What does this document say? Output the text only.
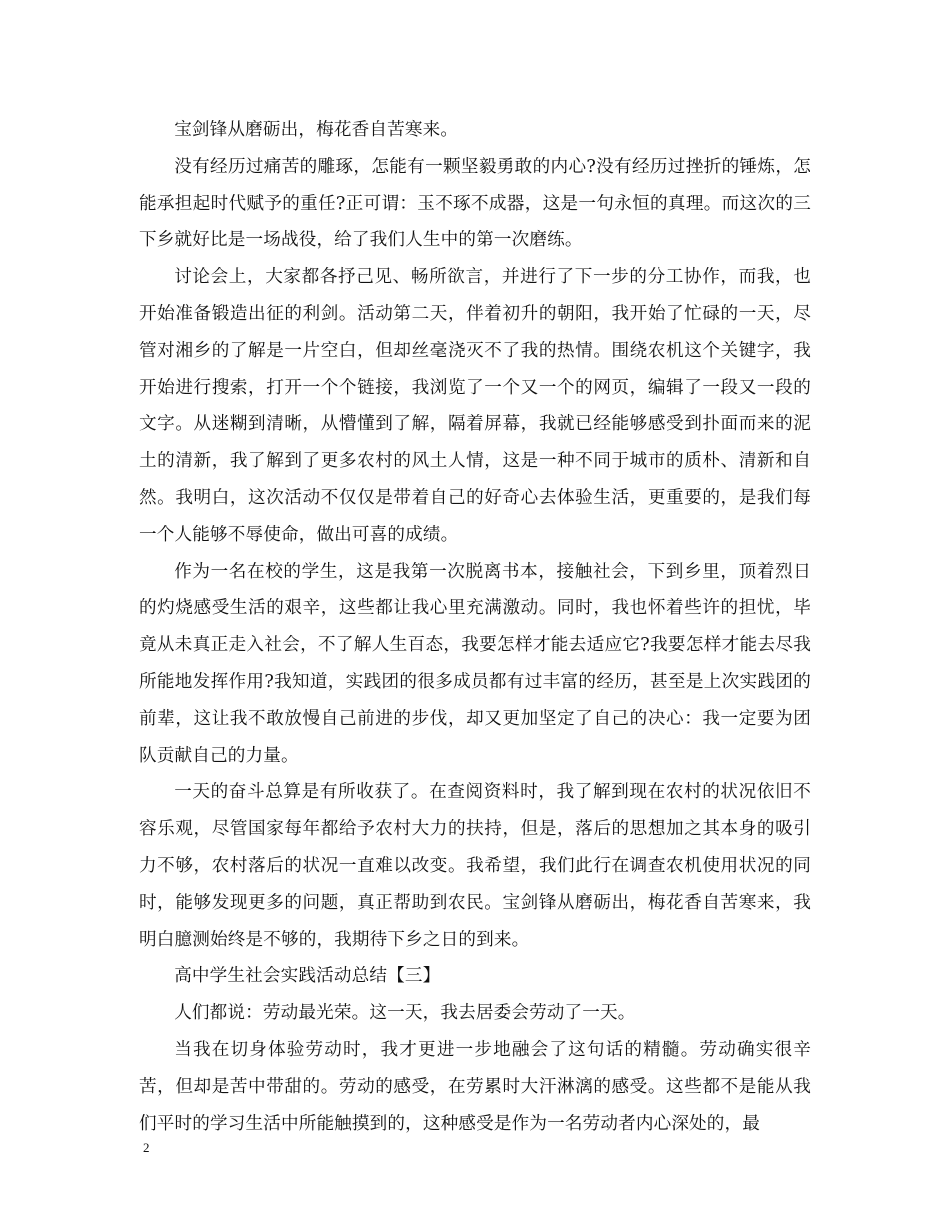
宝剑锋从磨砺出，梅花香自苦寒来。

没有经历过痛苦的雕琢，怎能有一颗坚毅勇敢的内心?没有经历过挫折的锤炼，怎能承担起时代赋予的重任?正可谓：玉不琢不成器，这是一句永恒的真理。而这次的三下乡就好比是一场战役，给了我们人生中的第一次磨练。

讨论会上，大家都各抒己见、畅所欲言，并进行了下一步的分工协作，而我，也开始准备锻造出征的利剑。活动第二天，伴着初升的朝阳，我开始了忙碌的一天，尽管对湘乡的了解是一片空白，但却丝毫浇灭不了我的热情。围绕农机这个关键字，我开始进行搜索，打开一个个链接，我浏览了一个又一个的网页，编辑了一段又一段的文字。从迷糊到清晰，从懵懂到了解，隔着屏幕，我就已经能够感受到扑面而来的泥土的清新，我了解到了更多农村的风土人情，这是一种不同于城市的质朴、清新和自然。我明白，这次活动不仅仅是带着自己的好奇心去体验生活，更重要的，是我们每一个人能够不辱使命，做出可喜的成绩。

作为一名在校的学生，这是我第一次脱离书本，接触社会，下到乡里，顶着烈日的灼烧感受生活的艰辛，这些都让我心里充满激动。同时，我也怀着些许的担忧，毕竟从未真正走入社会，不了解人生百态，我要怎样才能去适应它?我要怎样才能去尽我所能地发挥作用?我知道，实践团的很多成员都有过丰富的经历，甚至是上次实践团的前辈，这让我不敢放慢自己前进的步伐，却又更加坚定了自己的决心：我一定要为团队贡献自己的力量。

一天的奋斗总算是有所收获了。在查阅资料时，我了解到现在农村的状况依旧不容乐观，尽管国家每年都给予农村大力的扶持，但是，落后的思想加之其本身的吸引力不够，农村落后的状况一直难以改变。我希望，我们此行在调查农机使用状况的同时，能够发现更多的问题，真正帮助到农民。宝剑锋从磨砺出，梅花香自苦寒来，我明白臆测始终是不够的，我期待下乡之日的到来。

高中学生社会实践活动总结【三】

人们都说：劳动最光荣。这一天，我去居委会劳动了一天。

当我在切身体验劳动时，我才更进一步地融会了这句话的精髓。劳动确实很辛苦，但却是苦中带甜的。劳动的感受，在劳累时大汗淋漓的感受。这些都不是能从我们平时的学习生活中所能触摸到的，这种感受是作为一名劳动者内心深处的，最

2
